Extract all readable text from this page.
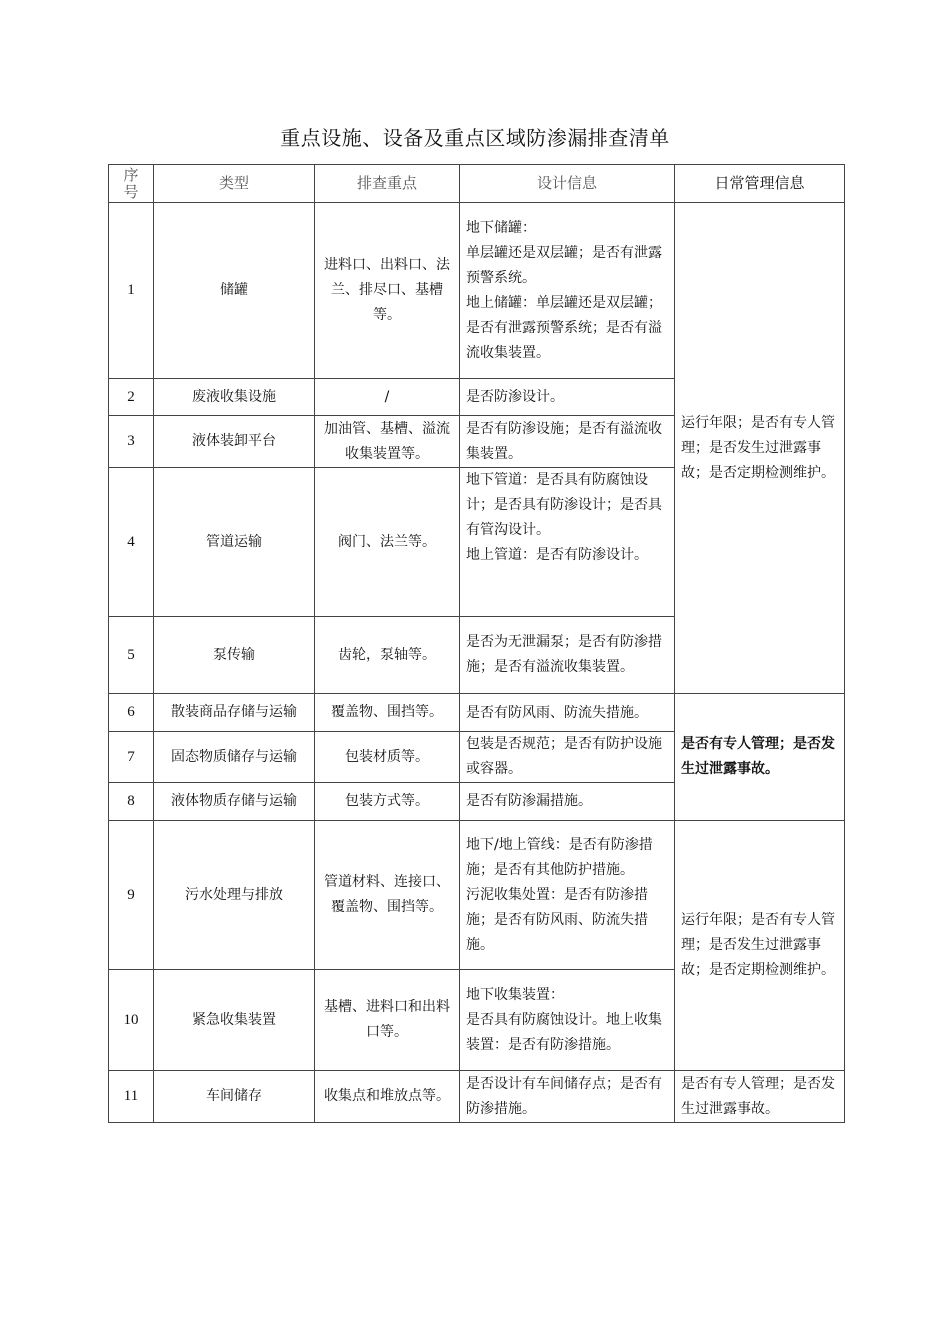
重点设施、设备及重点区域防渗漏排查清单
序
号	类型	排查重点	设计信息	日常管理信息
1	储罐	进料口、出料口、法兰、排尽口、基槽等。	地下储罐：
单层罐还是双层罐；是否有泄露预警系统。
地上储罐：单层罐还是双层罐；是否有泄露预警系统；是否有溢流收集装置。	运行年限；是否有专人管理；是否发生过泄露事故；是否定期检测维护。
2	废液收集设施	/	是否防渗设计。	
3	液体装卸平台	加油管、基槽、溢流收集装置等。	是否有防渗设施；是否有溢流收集装置。	
4	管道运输	阀门、法兰等。	地下管道：是否具有防腐蚀设计；是否具有防渗设计；是否具有管沟设计。
地上管道：是否有防渗设计。	
5	泵传输	齿轮，泵轴等。	是否为无泄漏泵；是否有防渗措施；是否有溢流收集装置。	
6	散装商品存储与运输	覆盖物、围挡等。	是否有防风雨、防流失措施。	是否有专人管理；是否发生过泄露事故。
7	固态物质储存与运输	包装材质等。	包装是否规范；是否有防护设施或容器。	
8	液体物质存储与运输	包装方式等。	是否有防渗漏措施。	
9	污水处理与排放	管道材料、连接口、覆盖物、围挡等。	地下/地上管线：是否有防渗措施；是否有其他防护措施。
污泥收集处置：是否有防渗措施；是否有防风雨、防流失措施。	运行年限；是否有专人管理；是否发生过泄露事故；是否定期检测维护。
10	紧急收集装置	基槽、进料口和出料口等。	地下收集装置：
是否具有防腐蚀设计。地上收集装置：是否有防渗措施。	
11	车间储存	收集点和堆放点等。	是否设计有车间储存点；是否有防渗措施。	是否有专人管理；是否发生过泄露事故。
